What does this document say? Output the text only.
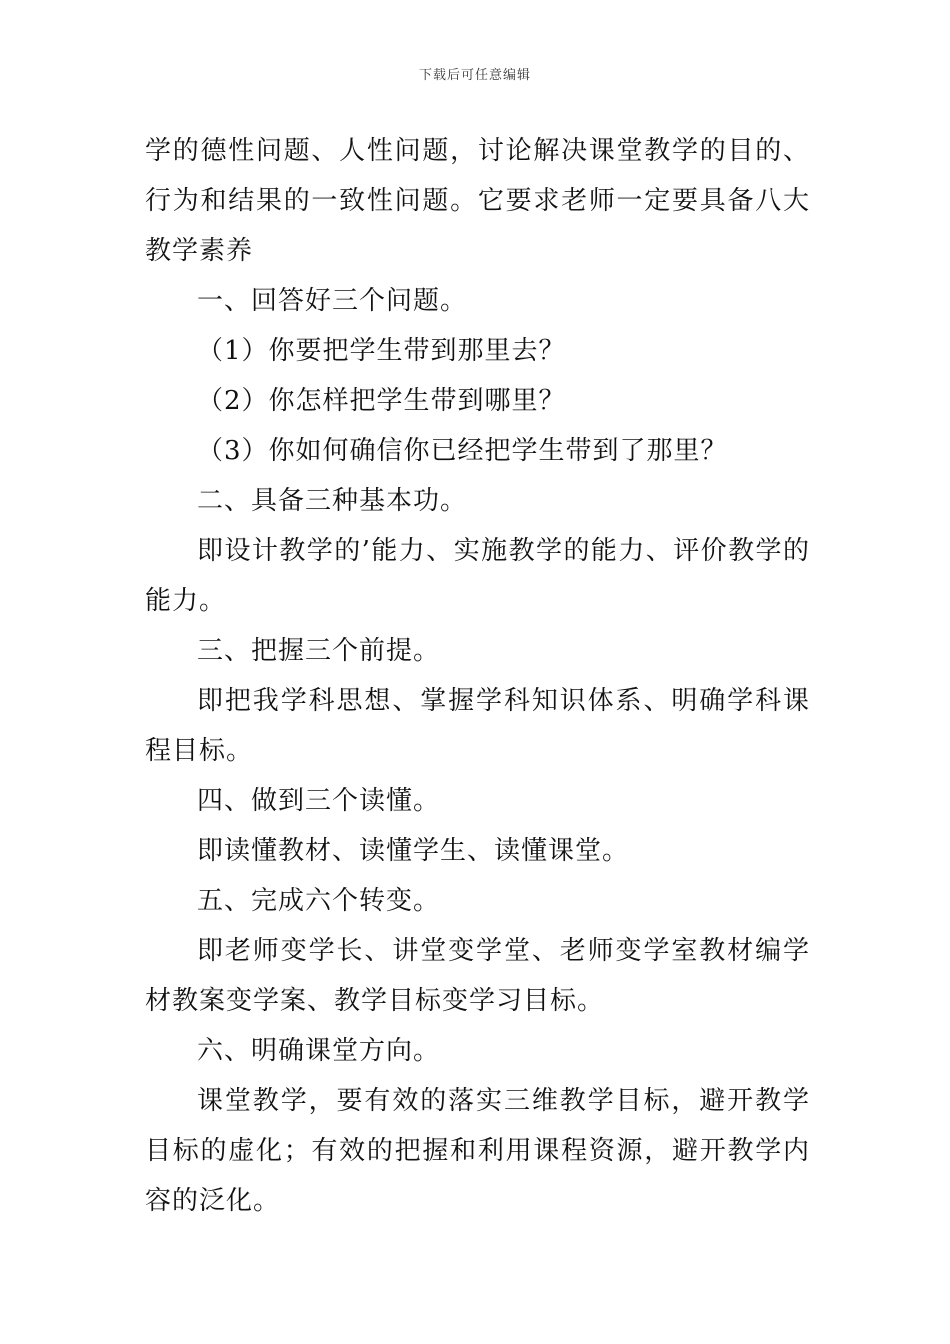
下载后可任意编辑

学的德性问题、人性问题，讨论解决课堂教学的目的、行为和结果的一致性问题。它要求老师一定要具备八大教学素养

一、回答好三个问题。

（1）你要把学生带到那里去？

（2）你怎样把学生带到哪里？

（3）你如何确信你已经把学生带到了那里？

二、具备三种基本功。

即设计教学的’能力、实施教学的能力、评价教学的能力。

三、把握三个前提。

即把我学科思想、掌握学科知识体系、明确学科课程目标。

四、做到三个读懂。

即读懂教材、读懂学生、读懂课堂。

五、完成六个转变。

即老师变学长、讲堂变学堂、老师变学室教材编学材教案变学案、教学目标变学习目标。

六、明确课堂方向。

课堂教学，要有效的落实三维教学目标，避开教学目标的虚化；有效的把握和利用课程资源，避开教学内容的泛化。
